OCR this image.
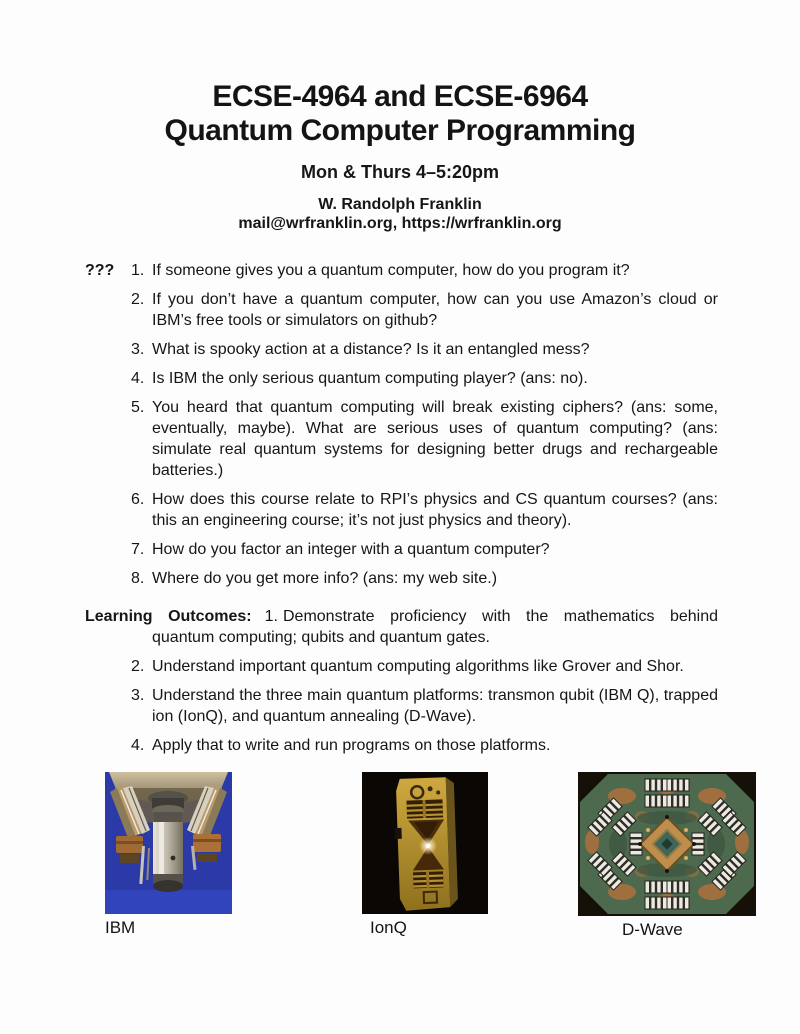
ECSE-4964 and ECSE-6964
Quantum Computer Programming
Mon & Thurs 4–5:20pm
W. Randolph Franklin
mail@wrfranklin.org, https://wrfranklin.org
??? 1. If someone gives you a quantum computer, how do you program it?
2. If you don’t have a quantum computer, how can you use Amazon’s cloud or IBM’s free tools or simulators on github?
3. What is spooky action at a distance? Is it an entangled mess?
4. Is IBM the only serious quantum computing player? (ans: no).
5. You heard that quantum computing will break existing ciphers? (ans: some, eventually, maybe). What are serious uses of quantum computing? (ans: simulate real quantum systems for designing better drugs and rechargeable batteries.)
6. How does this course relate to RPI’s physics and CS quantum courses? (ans: this an engineering course; it’s not just physics and theory).
7. How do you factor an integer with a quantum computer?
8. Where do you get more info? (ans: my web site.)
Learning Outcomes: 1. Demonstrate proficiency with the mathematics behind quantum computing; qubits and quantum gates.
2. Understand important quantum computing algorithms like Grover and Shor.
3. Understand the three main quantum platforms: transmon qubit (IBM Q), trapped ion (IonQ), and quantum annealing (D-Wave).
4. Apply that to write and run programs on those platforms.
IBM	IonQ	D-Wave
